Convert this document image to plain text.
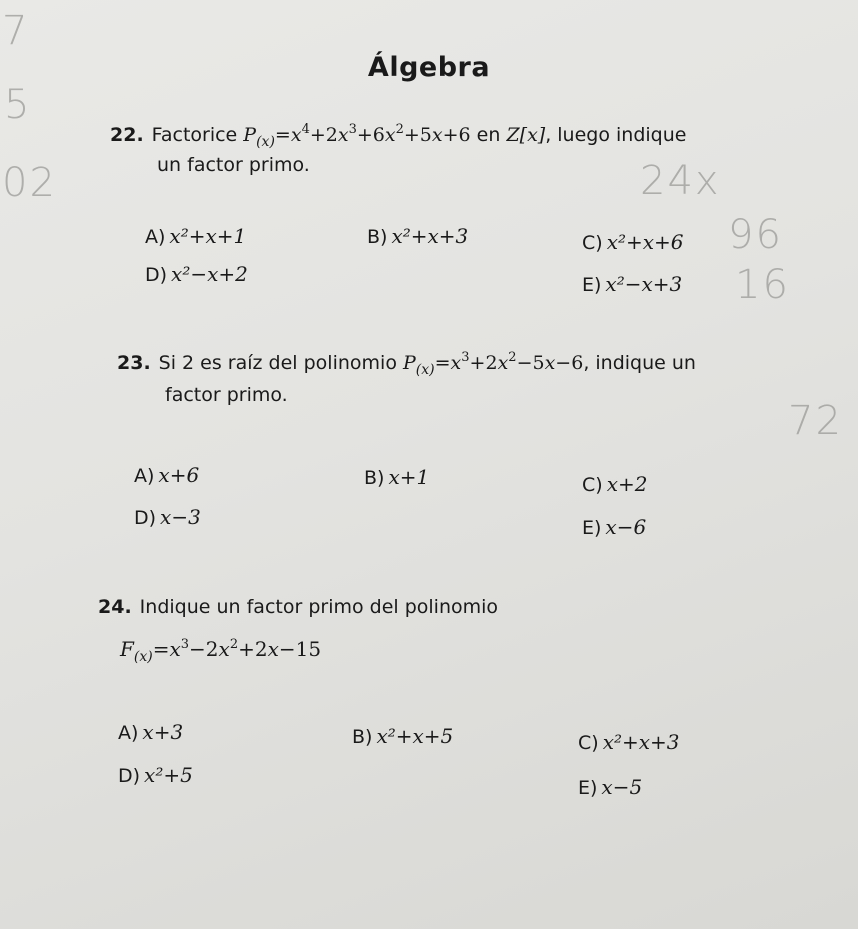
7
5
02	24x
96
16
72
Álgebra
22. Factorice $P_{(x)}=x^4+2x^3+6x^2+5x+6$ en Z[x], luego indique
un factor primo.
A) x²+x+1	B) x²+x+3	C) x²+x+6
D) x²−x+2	E) x²−x+3
23. Si 2 es raíz del polinomio $P_{(x)}=x^3+2x^2-5x-6$, indique un
factor primo.
A) x+6	B) x+1	C) x+2
D) x−3	E) x−6
24. Indique un factor primo del polinomio
$F_{(x)}=x^3-2x^2+2x-15$
A) x+3	B) x²+x+5	C) x²+x+3
D) x²+5
E) x−5
